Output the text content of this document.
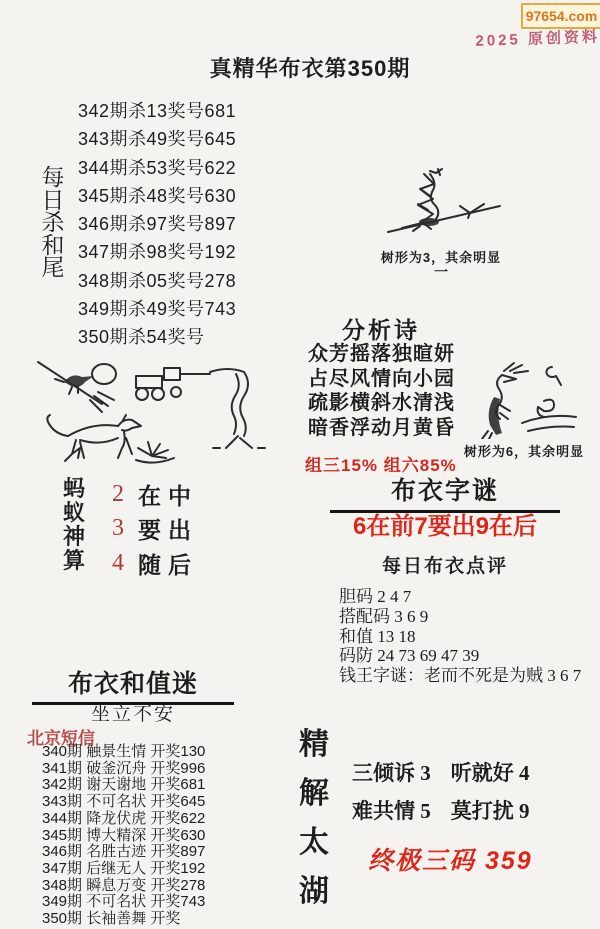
97654.com
2025 原创资料
真精华布衣第350期
每
日
杀
和
尾
342期杀13奖号681
343期杀49奖号645
344期杀53奖号622
345期杀48奖号630
346期杀97奖号897
347期杀98奖号192
348期杀05奖号278
349期杀49奖号743
350期杀54奖号
树形为3，其余明显
一
蚂
蚁
神
算
2 在中
3 要出
4 随后
分析诗
众芳摇落独暄妍
占尽风情向小园
疏影横斜水清浅
暗香浮动月黄昏
树形为6，其余明显
组三15% 组六85%
布衣字谜
6在前7要出9在后
每日布衣点评
胆码 2 4 7
搭配码 3 6 9
和值 13 18
码防 24 73 69 47 39
钱王字谜：老而不死是为贼 3 6 7
布衣和值迷
坐立不安
北京短信
340期 触景生情 开奖130
341期 破釜沉舟 开奖996
342期 谢天谢地 开奖681
343期 不可名状 开奖645
344期 降龙伏虎 开奖622
345期 博大精深 开奖630
346期 名胜古迹 开奖897
347期 后继无人 开奖192
348期 瞬息万变 开奖278
349期 不可名状 开奖743
350期 长袖善舞 开奖
精
解
太
湖
三倾诉 3 听就好 4
难共情 5 莫打扰 9
终极三码 359
